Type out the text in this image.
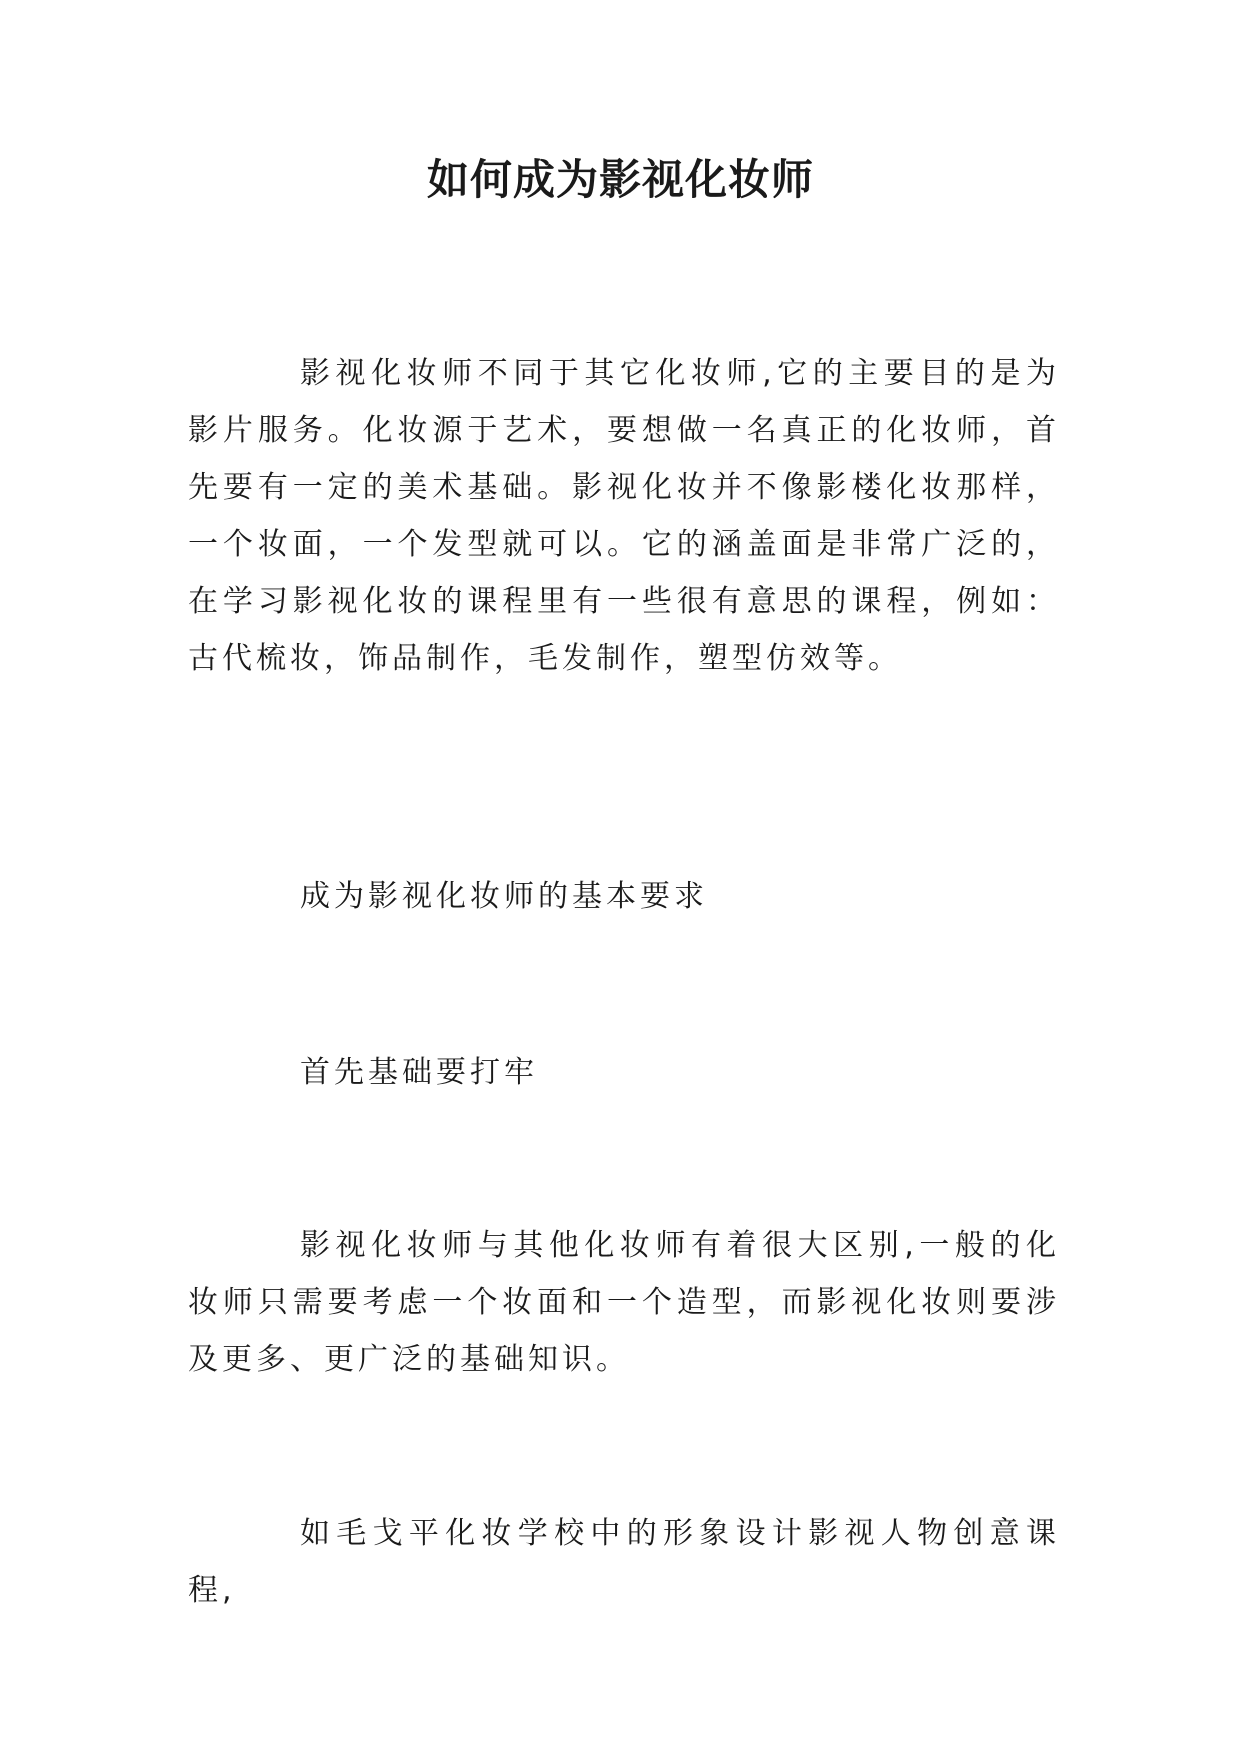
如何成为影视化妆师

影视化妆师不同于其它化妆师,它的主要目的是为影片服务。化妆源于艺术，要想做一名真正的化妆师，首先要有一定的美术基础。影视化妆并不像影楼化妆那样，一个妆面，一个发型就可以。它的涵盖面是非常广泛的，在学习影视化妆的课程里有一些很有意思的课程，例如：古代梳妆，饰品制作，毛发制作，塑型仿效等。

成为影视化妆师的基本要求

首先基础要打牢

影视化妆师与其他化妆师有着很大区别,一般的化妆师只需要考虑一个妆面和一个造型，而影视化妆则要涉及更多、更广泛的基础知识。

如毛戈平化妆学校中的形象设计影视人物创意课程,
